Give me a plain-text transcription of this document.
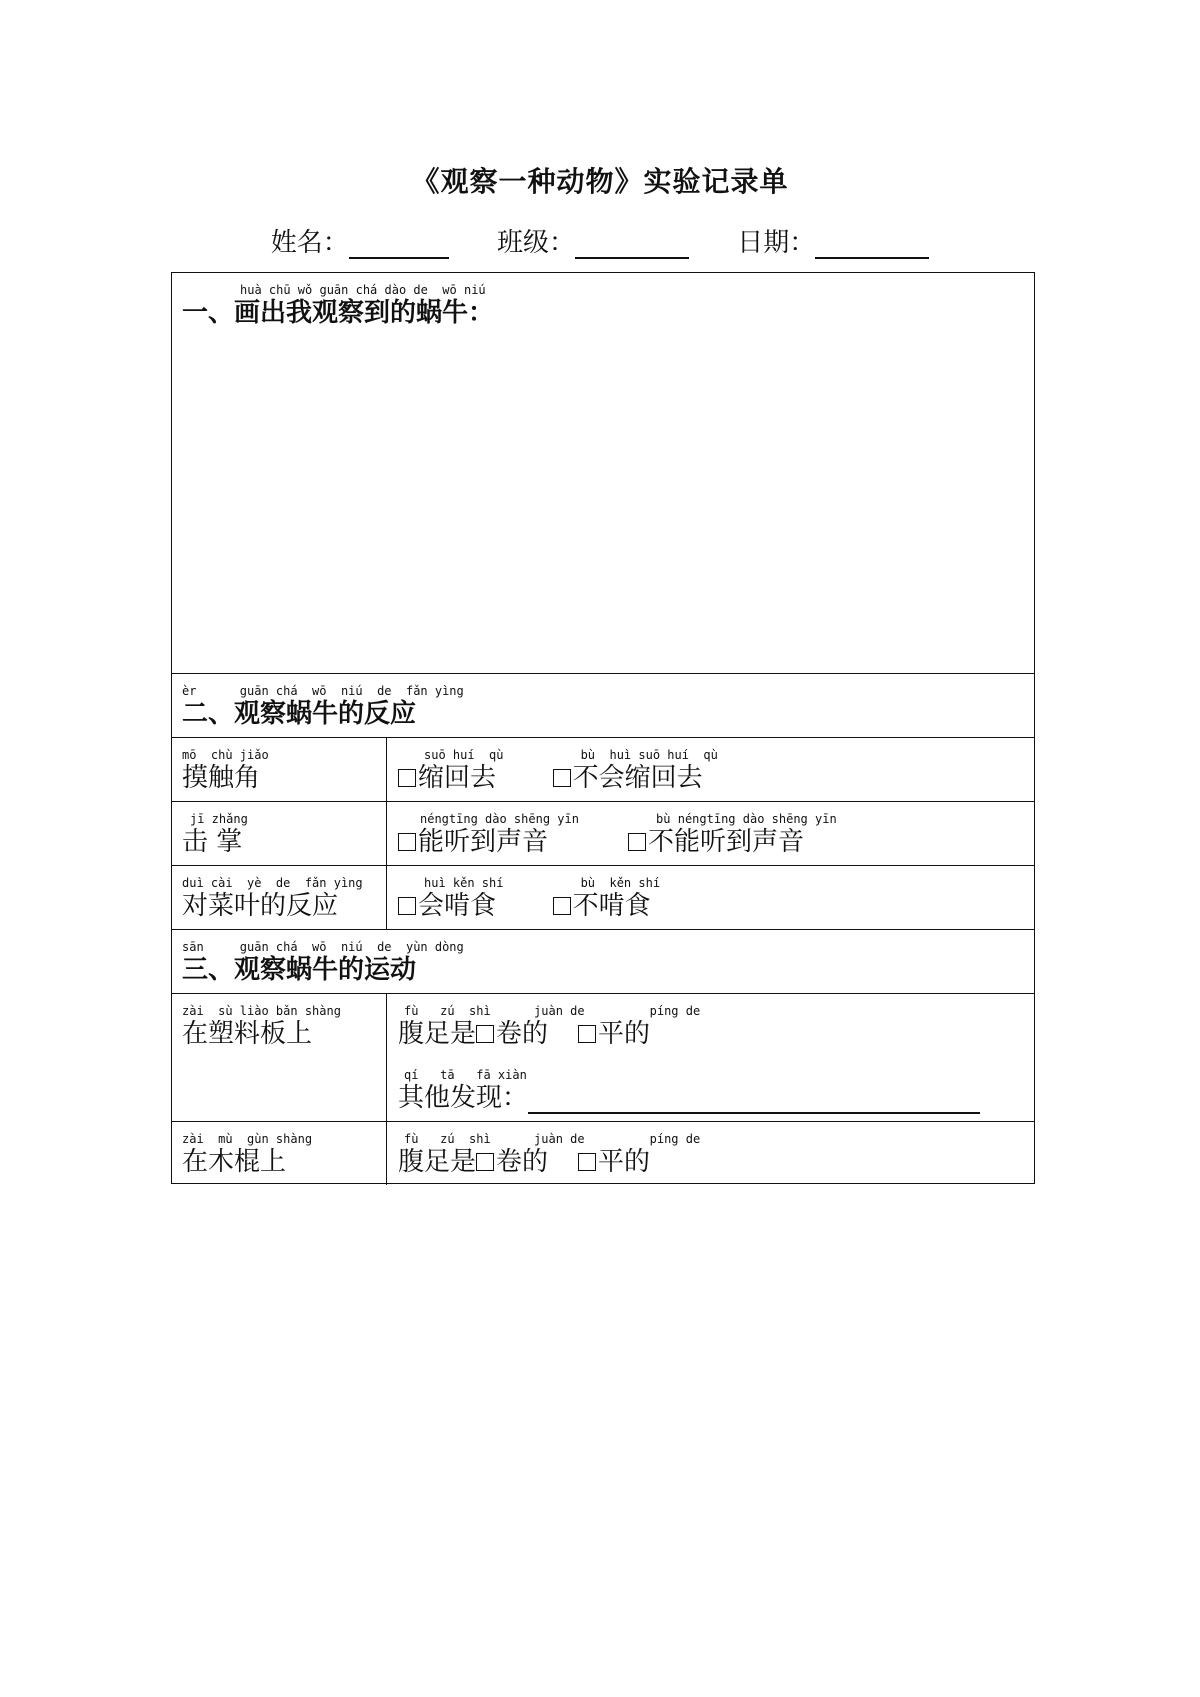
《观察一种动物》实验记录单
姓名：	班级：	日期：
huà chū wǒ guān chá dào de  wō niú
一、画出我观察到的蜗牛：
èr      guān chá  wō  niú  de  fǎn yìng
二、观察蜗牛的反应
mō  chù jiǎo
摸触角
suō huí  qù
缩回去

bù  huì suō huí  qù
不会缩回去
jī zhǎng
击 掌
néngtīng dào shēng yīn
能听到声音

bù néngtīng dào shēng yīn
不能听到声音
duì cài  yè  de  fǎn yìng
对菜叶的反应
huì kěn shí
会啃食

bù  kěn shí
不啃食
sān     guān chá  wō  niú  de  yùn dòng
三、观察蜗牛的运动
zài  sù liào bǎn shàng
在塑料板上
fù   zú  shì      juàn de         píng de
腹足是 卷的 平的
qí   tā   fā xiàn
其他发现：
zài  mù  gùn shàng
在木棍上
fù   zú  shì      juàn de         píng de
腹足是 卷的 平的
